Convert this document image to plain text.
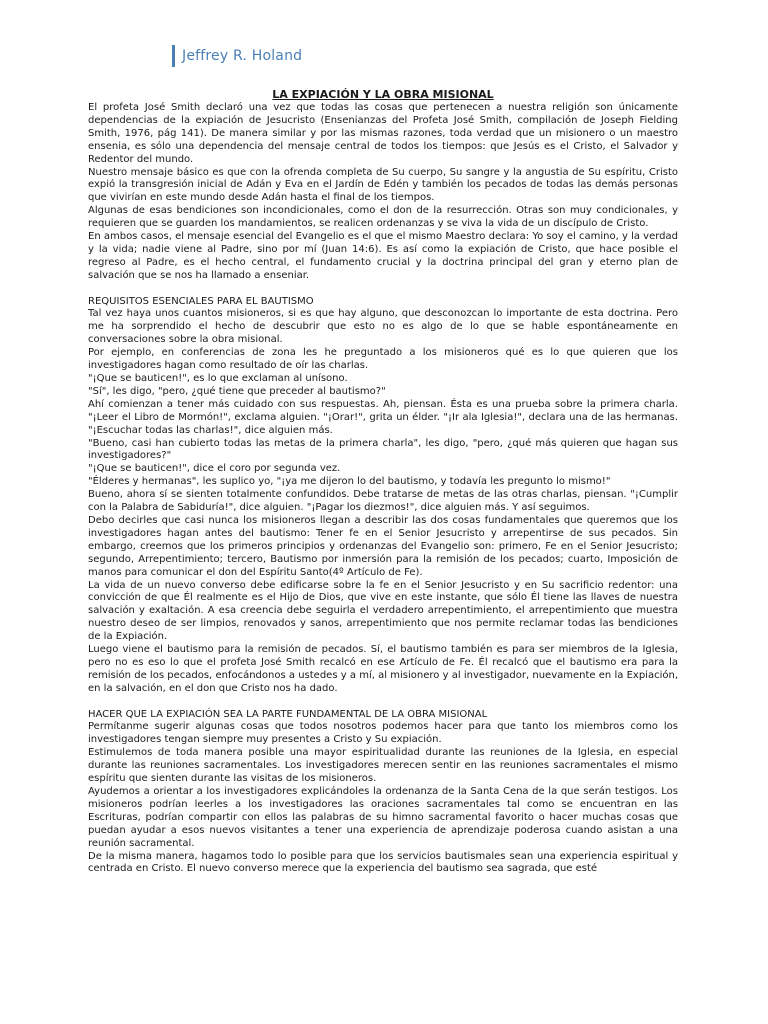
Jeffrey R. Holand

LA EXPIACIÓN Y LA OBRA MISIONAL

El profeta José Smith declaró una vez que todas las cosas que pertenecen a nuestra religión son únicamente dependencias de la expiación de Jesucristo (Ensenianzas del Profeta José Smith, compilación de Joseph Fielding Smith, 1976, pág 141). De manera similar y por las mismas razones, toda verdad que un misionero o un maestro ensenia, es sólo una dependencia del mensaje central de todos los tiempos: que Jesús es el Cristo, el Salvador y Redentor del mundo.

Nuestro mensaje básico es que con la ofrenda completa de Su cuerpo, Su sangre y la angustia de Su espíritu, Cristo expió la transgresión inicial de Adán y Eva en el Jardín de Edén y también los pecados de todas las demás personas que vivirían en este mundo desde Adán hasta el final de los tiempos.

Algunas de esas bendiciones son incondicionales, como el don de la resurrección. Otras son muy condicionales, y requieren que se guarden los mandamientos, se realicen ordenanzas y se viva la vida de un discípulo de Cristo.

En ambos casos, el mensaje esencial del Evangelio es el que el mismo Maestro declara: Yo soy el camino, y la verdad y la vida; nadie viene al Padre, sino por mí (Juan 14:6). Es así como la expiación de Cristo, que hace posible el regreso al Padre, es el hecho central, el fundamento crucial y la doctrina principal del gran y eterno plan de salvación que se nos ha llamado a enseniar.

REQUISITOS ESENCIALES PARA EL BAUTISMO

Tal vez haya unos cuantos misioneros, si es que hay alguno, que desconozcan lo importante de esta doctrina. Pero me ha sorprendido el hecho de descubrir que esto no es algo de lo que se hable espontáneamente en conversaciones sobre la obra misional.

Por ejemplo, en conferencias de zona les he preguntado a los misioneros qué es lo que quieren que los investigadores hagan como resultado de oír las charlas.

"¡Que se bauticen!", es lo que exclaman al unísono.

"Sí", les digo, "pero, ¿qué tiene que preceder al bautismo?"

Ahí comienzan a tener más cuidado con sus respuestas. Ah, piensan. Ésta es una prueba sobre la primera charla. "¡Leer el Libro de Mormón!", exclama alguien. "¡Orar!", grita un élder. "¡Ir ala Iglesia!", declara una de las hermanas. "¡Escuchar todas las charlas!", dice alguien más.

"Bueno, casi han cubierto todas las metas de la primera charla", les digo, "pero, ¿qué más quieren que hagan sus investigadores?"

"¡Que se bauticen!", dice el coro por segunda vez.

"Élderes y hermanas", les suplico yo, "¡ya me dijeron lo del bautismo, y todavía les pregunto lo mismo!"

Bueno, ahora sí se sienten totalmente confundidos. Debe tratarse de metas de las otras charlas, piensan. "¡Cumplir con la Palabra de Sabiduría!", dice alguien. "¡Pagar los diezmos!", dice alguien más. Y así seguimos.

Debo decirles que casi nunca los misioneros llegan a describir las dos cosas fundamentales que queremos que los investigadores hagan antes del bautismo: Tener fe en el Senior Jesucristo y arrepentirse de sus pecados. Sin embargo, creemos que los primeros principios y ordenanzas del Evangelio son: primero, Fe en el Senior Jesucristo; segundo, Arrepentimiento; tercero, Bautismo por inmersión para la remisión de los pecados; cuarto, Imposición de manos para comunicar el don del Espíritu Santo(4º Artículo de Fe).

La vida de un nuevo converso debe edificarse sobre la fe en el Senior Jesucristo y en Su sacrificio redentor: una convicción de que Él realmente es el Hijo de Dios, que vive en este instante, que sólo Él tiene las llaves de nuestra salvación y exaltación. A esa creencia debe seguirla el verdadero arrepentimiento, el arrepentimiento que muestra nuestro deseo de ser limpios, renovados y sanos, arrepentimiento que nos permite reclamar todas las bendiciones de la Expiación.

Luego viene el bautismo para la remisión de pecados. Sí, el bautismo también es para ser miembros de la Iglesia, pero no es eso lo que el profeta José Smith recalcó en ese Artículo de Fe. Él recalcó que el bautismo era para la remisión de los pecados, enfocándonos a ustedes y a mí, al misionero y al investigador, nuevamente en la Expiación, en la salvación, en el don que Cristo nos ha dado.

HACER QUE LA EXPIACIÓN SEA LA PARTE FUNDAMENTAL DE LA OBRA MISIONAL

Permítanme sugerir algunas cosas que todos nosotros podemos hacer para que tanto los miembros como los investigadores tengan siempre muy presentes a Cristo y Su expiación.

Estimulemos de toda manera posible una mayor espiritualidad durante las reuniones de la Iglesia, en especial durante las reuniones sacramentales. Los investigadores merecen sentir en las reuniones sacramentales el mismo espíritu que sienten durante las visitas de los misioneros.

Ayudemos a orientar a los investigadores explicándoles la ordenanza de la Santa Cena de la que serán testigos. Los misioneros podrían leerles a los investigadores las oraciones sacramentales tal como se encuentran en las Escrituras, podrían compartir con ellos las palabras de su himno sacramental favorito o hacer muchas cosas que puedan ayudar a esos nuevos visitantes a tener una experiencia de aprendizaje poderosa cuando asistan a una reunión sacramental.

De la misma manera, hagamos todo lo posible para que los servicios bautismales sean una experiencia espiritual y centrada en Cristo. El nuevo converso merece que la experiencia del bautismo sea sagrada, que esté
